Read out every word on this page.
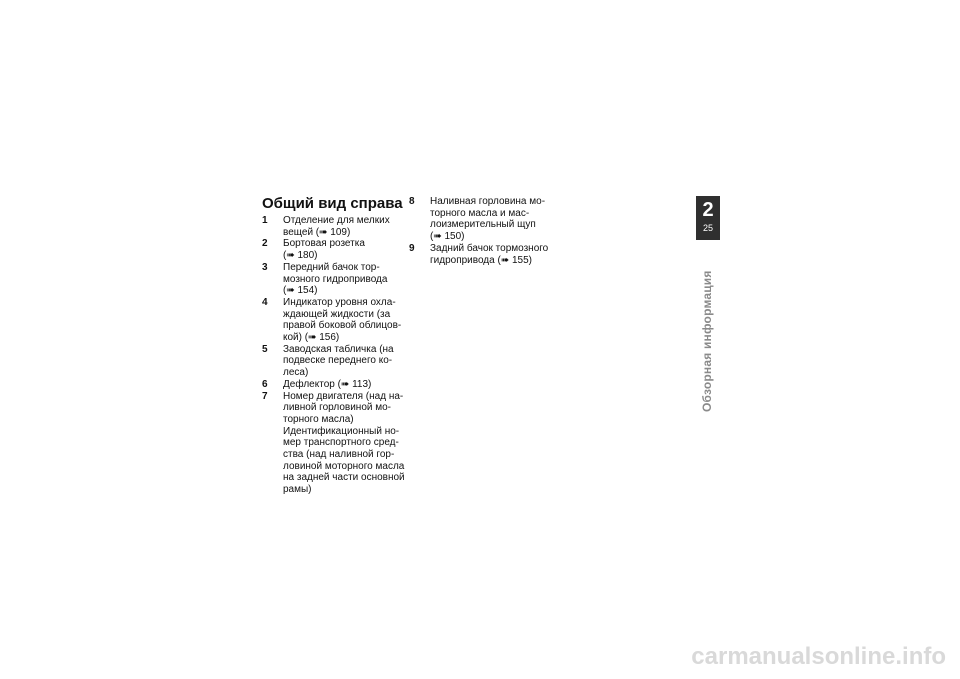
Общий вид справа
1	Отделение для мелких
вещей (➠ 109)
2	Бортовая розетка
(➠ 180)
3	Передний бачок тор-
мозного гидропривода
(➠ 154)
4	Индикатор уровня охла-
ждающей жидкости (за
правой боковой облицов-
кой) (➠ 156)
5	Заводская табличка (на
подвеске переднего ко-
леса)
6	Дефлектор (➠ 113)
7	Номер двигателя (над на-
ливной горловиной мо-
торного масла)
Идентификационный но-
мер транспортного сред-
ства (над наливной гор-
ловиной моторного масла
на задней части основной
рамы)
8	Наливная горловина мо-
торного масла и мас-
лоизмерительный щуп
(➠ 150)
9	Задний бачок тормозного
гидропривода (➠ 155)
2
25
Обзорная информация
carmanualsonline.info
